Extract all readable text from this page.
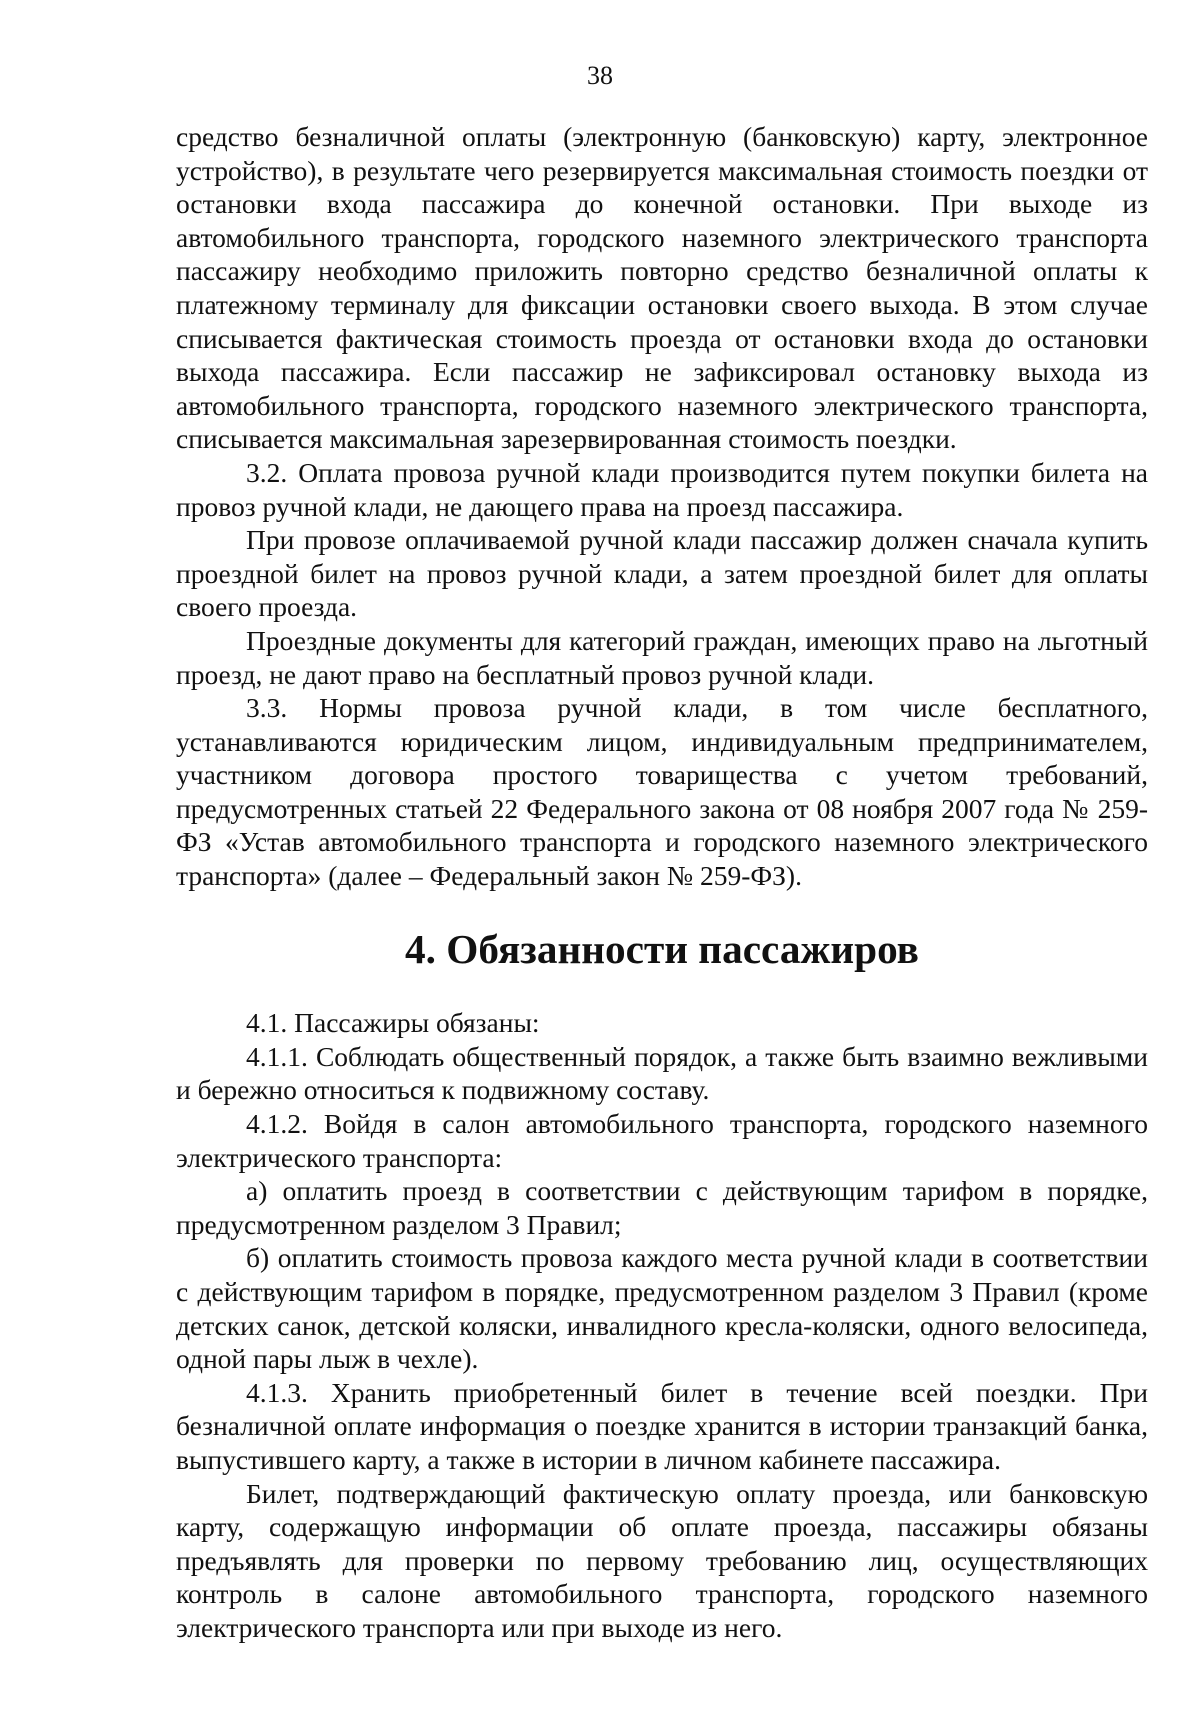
38

средство безналичной оплаты (электронную (банковскую) карту, электронное устройство), в результате чего резервируется максимальная стоимость поездки от остановки входа пассажира до конечной остановки. При выходе из автомобильного транспорта, городского наземного электрического транспорта пассажиру необходимо приложить повторно средство безналичной оплаты к платежному терминалу для фиксации остановки своего выхода. В этом случае списывается фактическая стоимость проезда от остановки входа до остановки выхода пассажира. Если пассажир не зафиксировал остановку выхода из автомобильного транспорта, городского наземного электрического транспорта, списывается максимальная зарезервированная стоимость поездки.

3.2. Оплата провоза ручной клади производится путем покупки билета на провоз ручной клади, не дающего права на проезд пассажира.

При провозе оплачиваемой ручной клади пассажир должен сначала купить проездной билет на провоз ручной клади, а затем проездной билет для оплаты своего проезда.

Проездные документы для категорий граждан, имеющих право на льготный проезд, не дают право на бесплатный провоз ручной клади.

3.3. Нормы провоза ручной клади, в том числе бесплатного, устанавливаются юридическим лицом, индивидуальным предпринимателем, участником договора простого товарищества с учетом требований, предусмотренных статьей 22 Федерального закона от 08 ноября 2007 года № 259-ФЗ «Устав автомобильного транспорта и городского наземного электрического транспорта» (далее – Федеральный закон № 259-ФЗ).

4. Обязанности пассажиров

4.1. Пассажиры обязаны:

4.1.1. Соблюдать общественный порядок, а также быть взаимно вежливыми и бережно относиться к подвижному составу.

4.1.2. Войдя в салон автомобильного транспорта, городского наземного электрического транспорта:

а) оплатить проезд в соответствии с действующим тарифом в порядке, предусмотренном разделом 3 Правил;

б) оплатить стоимость провоза каждого места ручной клади в соответствии с действующим тарифом в порядке, предусмотренном разделом 3 Правил (кроме детских санок, детской коляски, инвалидного кресла-коляски, одного велосипеда, одной пары лыж в чехле).

4.1.3. Хранить приобретенный билет в течение всей поездки. При безналичной оплате информация о поездке хранится в истории транзакций банка, выпустившего карту, а также в истории в личном кабинете пассажира.

Билет, подтверждающий фактическую оплату проезда, или банковскую карту, содержащую информации об оплате проезда, пассажиры обязаны предъявлять для проверки по первому требованию лиц, осуществляющих контроль в салоне автомобильного транспорта, городского наземного электрического транспорта или при выходе из него.
